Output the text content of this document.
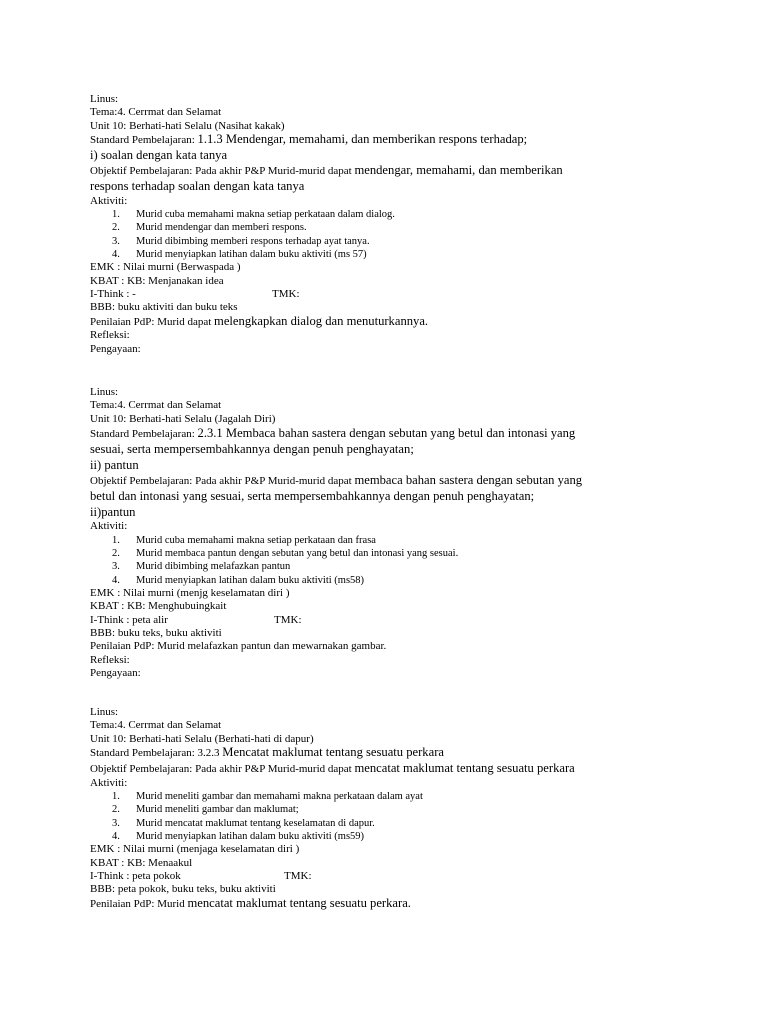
Linus:
Tema:4. Cerrmat dan Selamat
Unit 10: Berhati-hati Selalu (Nasihat kakak)
Standard Pembelajaran: 1.1.3 Mendengar, memahami, dan memberikan respons terhadap;
i) soalan dengan kata tanya
Objektif Pembelajaran: Pada akhir P&P Murid-murid dapat mendengar, memahami, dan memberikan respons terhadap soalan dengan kata tanya
Aktiviti:
1. Murid cuba memahami makna setiap perkataan dalam dialog.
2. Murid mendengar dan memberi respons.
3. Murid dibimbing memberi respons terhadap ayat tanya.
4. Murid menyiapkan latihan dalam buku aktiviti (ms 57)
EMK : Nilai murni (Berwaspada )
KBAT : KB: Menjanakan idea
I-Think : -	TMK:
BBB: buku aktiviti dan buku teks
Penilaian PdP: Murid dapat melengkapkan dialog dan menuturkannya.
Refleksi:
Pengayaan:
Linus:
Tema:4. Cerrmat dan Selamat
Unit 10: Berhati-hati Selalu (Jagalah Diri)
Standard Pembelajaran: 2.3.1 Membaca bahan sastera dengan sebutan yang betul dan intonasi yang sesuai, serta mempersembahkannya dengan penuh penghayatan;
ii) pantun
Objektif Pembelajaran: Pada akhir P&P Murid-murid dapat membaca bahan sastera dengan sebutan yang betul dan intonasi yang sesuai, serta mempersembahkannya dengan penuh penghayatan;
ii)pantun
Aktiviti:
1. Murid cuba memahami makna setiap perkataan dan frasa
2. Murid membaca pantun dengan sebutan yang betul dan intonasi yang sesuai.
3. Murid dibimbing melafazkan pantun
4. Murid menyiapkan latihan dalam buku aktiviti (ms58)
EMK : Nilai murni (menjg keselamatan diri )
KBAT : KB: Menghubuingkait
I-Think : peta alir	TMK:
BBB: buku teks, buku aktiviti
Penilaian PdP: Murid melafazkan pantun dan mewarnakan gambar.
Refleksi:
Pengayaan:
Linus:
Tema:4. Cerrmat dan Selamat
Unit 10: Berhati-hati Selalu (Berhati-hati di dapur)
Standard Pembelajaran: 3.2.3 Mencatat maklumat tentang sesuatu perkara
Objektif Pembelajaran: Pada akhir P&P Murid-murid dapat mencatat maklumat tentang sesuatu perkara
Aktiviti:
1. Murid meneliti gambar dan memahami makna perkataan dalam ayat
2. Murid meneliti gambar dan maklumat;
3. Murid mencatat maklumat tentang keselamatan di dapur.
4. Murid menyiapkan latihan dalam buku aktiviti (ms59)
EMK : Nilai murni (menjaga keselamatan diri )
KBAT : KB: Menaakul
I-Think : peta pokok	TMK:
BBB: peta pokok, buku teks, buku aktiviti
Penilaian PdP: Murid mencatat maklumat tentang sesuatu perkara.
